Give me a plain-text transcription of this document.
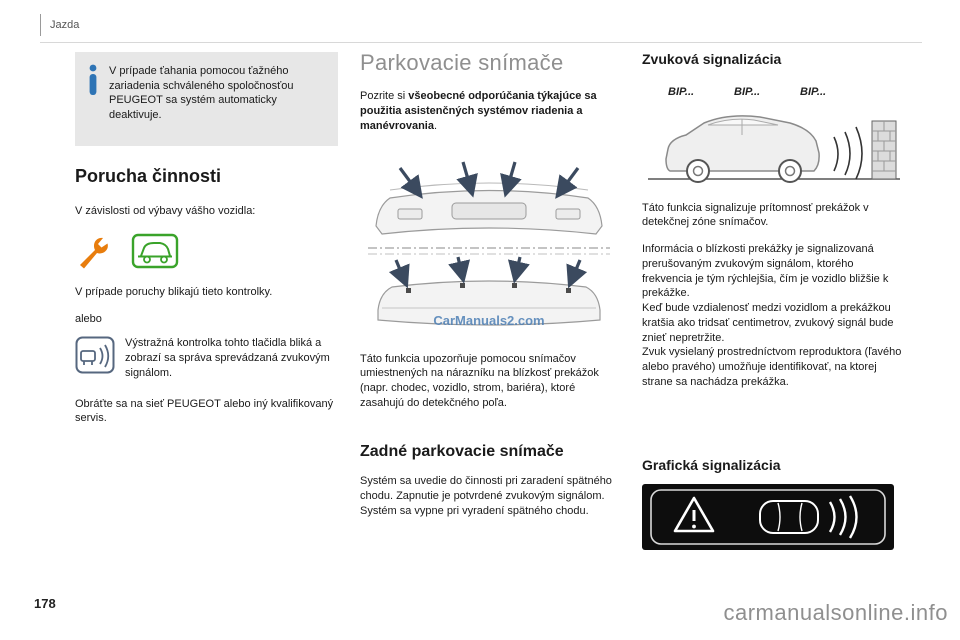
Jazda
V prípade ťahania pomocou ťažného zariadenia schváleného spoločnosťou PEUGEOT sa systém automaticky deaktivuje.
Porucha činnosti

V závislosti od výbavy vášho vozidla:

V prípade poruchy blikajú tieto kontrolky.

alebo

Výstražná kontrolka tohto tlačidla bliká a zobrazí sa správa sprevádzaná zvukovým signálom.

Obráťte sa na sieť PEUGEOT alebo iný kvalifikovaný servis.

Parkovacie snímače

Pozrite si všeobecné odporúčania týkajúce sa použitia asistenčných systémov riadenia a manévrovania.

CarManuals2.com

Táto funkcia upozorňuje pomocou snímačov umiestnených na nárazníku na blízkosť prekážok (napr. chodec, vozidlo, strom, bariéra), ktoré zasahujú do detekčného poľa.

Zadné parkovacie snímače

Systém sa uvedie do činnosti pri zaradení spätného chodu. Zapnutie je potvrdené zvukovým signálom.

Systém sa vypne pri vyradení spätného chodu.

Zvuková signalizácia
BIP...	BIP...	BIP...

Táto funkcia signalizuje prítomnosť prekážok v detekčnej zóne snímačov.

Informácia o blízkosti prekážky je signalizovaná prerušovaným zvukovým signálom, ktorého frekvencia je tým rýchlejšia, čím je vozidlo bližšie k prekážke.

Keď bude vzdialenosť medzi vozidlom a prekážkou kratšia ako tridsať centimetrov, zvukový signál bude znieť nepretržite.

Zvuk vysielaný prostredníctvom reproduktora (ľavého alebo pravého) umožňuje identifikovať, na ktorej strane sa nachádza prekážka.

Grafická signalizácia
178	carmanualsonline.info
